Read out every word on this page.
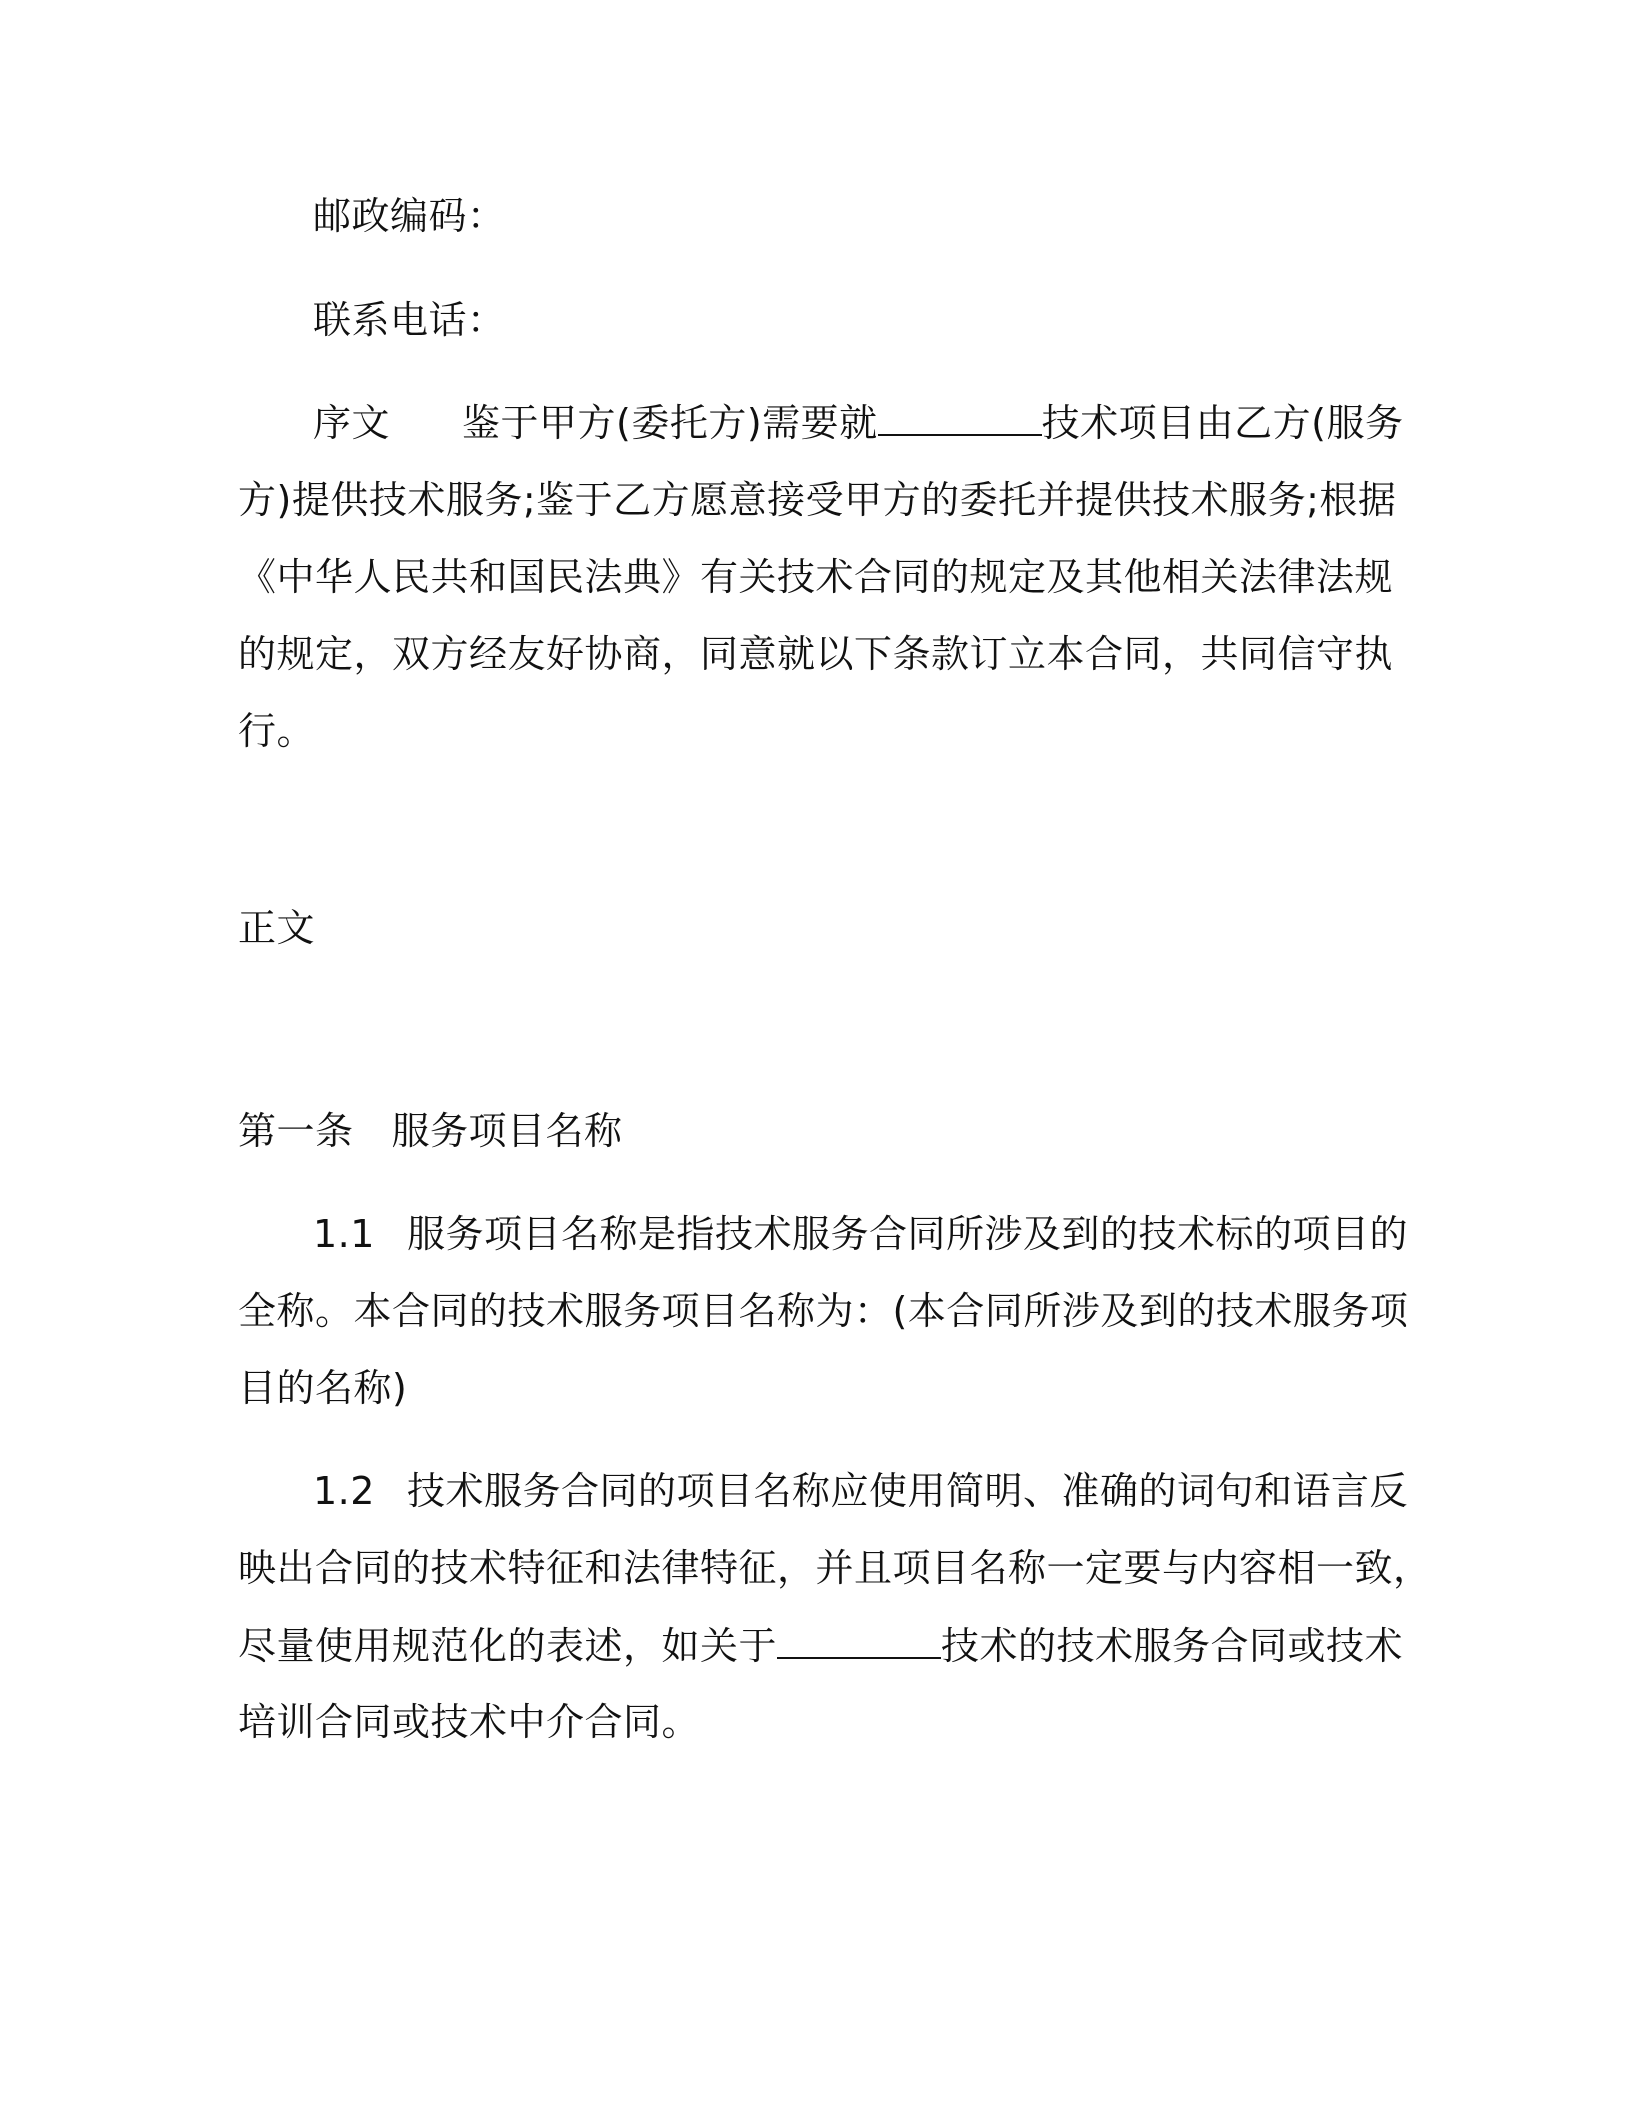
邮政编码：
联系电话：
序文 鉴于甲方(委托方)需要就	技术项目由乙方(服务
方)提供技术服务;鉴于乙方愿意接受甲方的委托并提供技术服务;根据
《中华人民共和国民法典》有关技术合同的规定及其他相关法律法规
的规定，双方经友好协商，同意就以下条款订立本合同，共同信守执
行。
正文
第一条 服务项目名称
1.1 服务项目名称是指技术服务合同所涉及到的技术标的项目的
全称。本合同的技术服务项目名称为：(本合同所涉及到的技术服务项
目的名称)
1.2 技术服务合同的项目名称应使用简明、准确的词句和语言反
映出合同的技术特征和法律特征，并且项目名称一定要与内容相一致，
尽量使用规范化的表述，如关于	技术的技术服务合同或技术
培训合同或技术中介合同。
